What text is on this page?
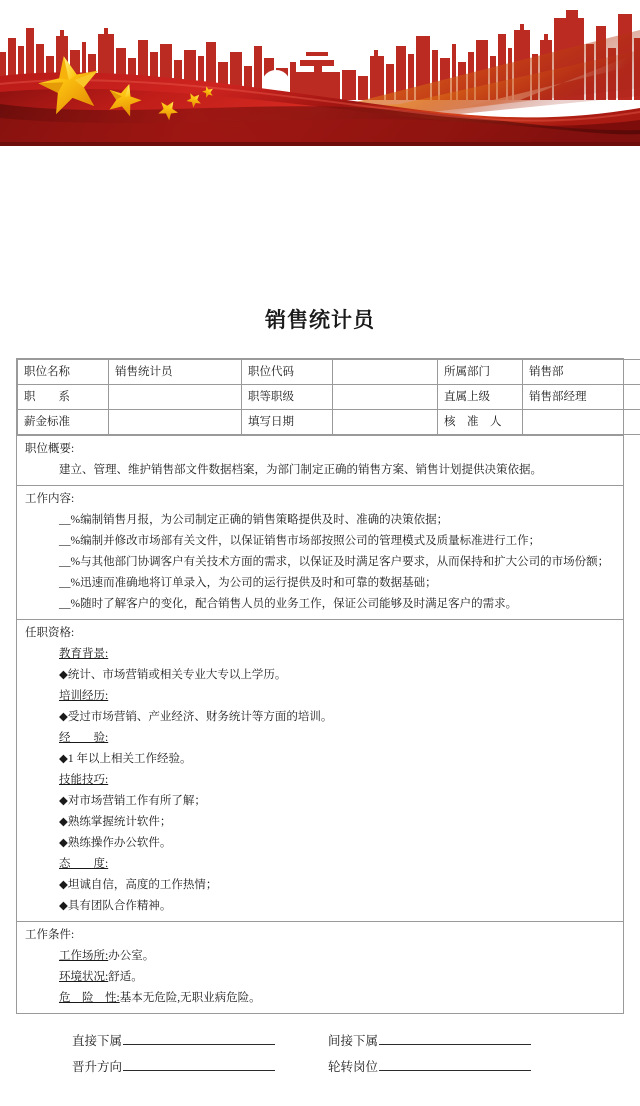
销售统计员
职位名称	销售统计员	职位代码		所属部门	销售部
职　　系		职等职级		直属上级	销售部经理
薪金标准		填写日期		核　准　人	
职位概要:
建立、管理、维护销售部文件数据档案，为部门制定正确的销售方案、销售计划提供决策依据。
工作内容:
__%编制销售月报，为公司制定正确的销售策略提供及时、准确的决策依据；
__%编制并修改市场部有关文件，以保证销售市场部按照公司的管理模式及质量标准进行工作；
__%与其他部门协调客户有关技术方面的需求，以保证及时满足客户要求，从而保持和扩大公司的市场份额；
__%迅速而准确地将订单录入，为公司的运行提供及时和可靠的数据基础；
__%随时了解客户的变化，配合销售人员的业务工作，保证公司能够及时满足客户的需求。
任职资格:
教育背景:
◆统计、市场营销或相关专业大专以上学历。
培训经历:
◆受过市场营销、产业经济、财务统计等方面的培训。
经　　验:
◆1 年以上相关工作经验。
技能技巧:
◆对市场营销工作有所了解；
◆熟练掌握统计软件；
◆熟练操作办公软件。
态　　度:
◆坦诚自信，高度的工作热情；
◆具有团队合作精神。
工作条件:
工作场所:办公室。
环境状况:舒适。
危　险　性:基本无危险,无职业病危险。
直接下属	间接下属
晋升方向	轮转岗位
